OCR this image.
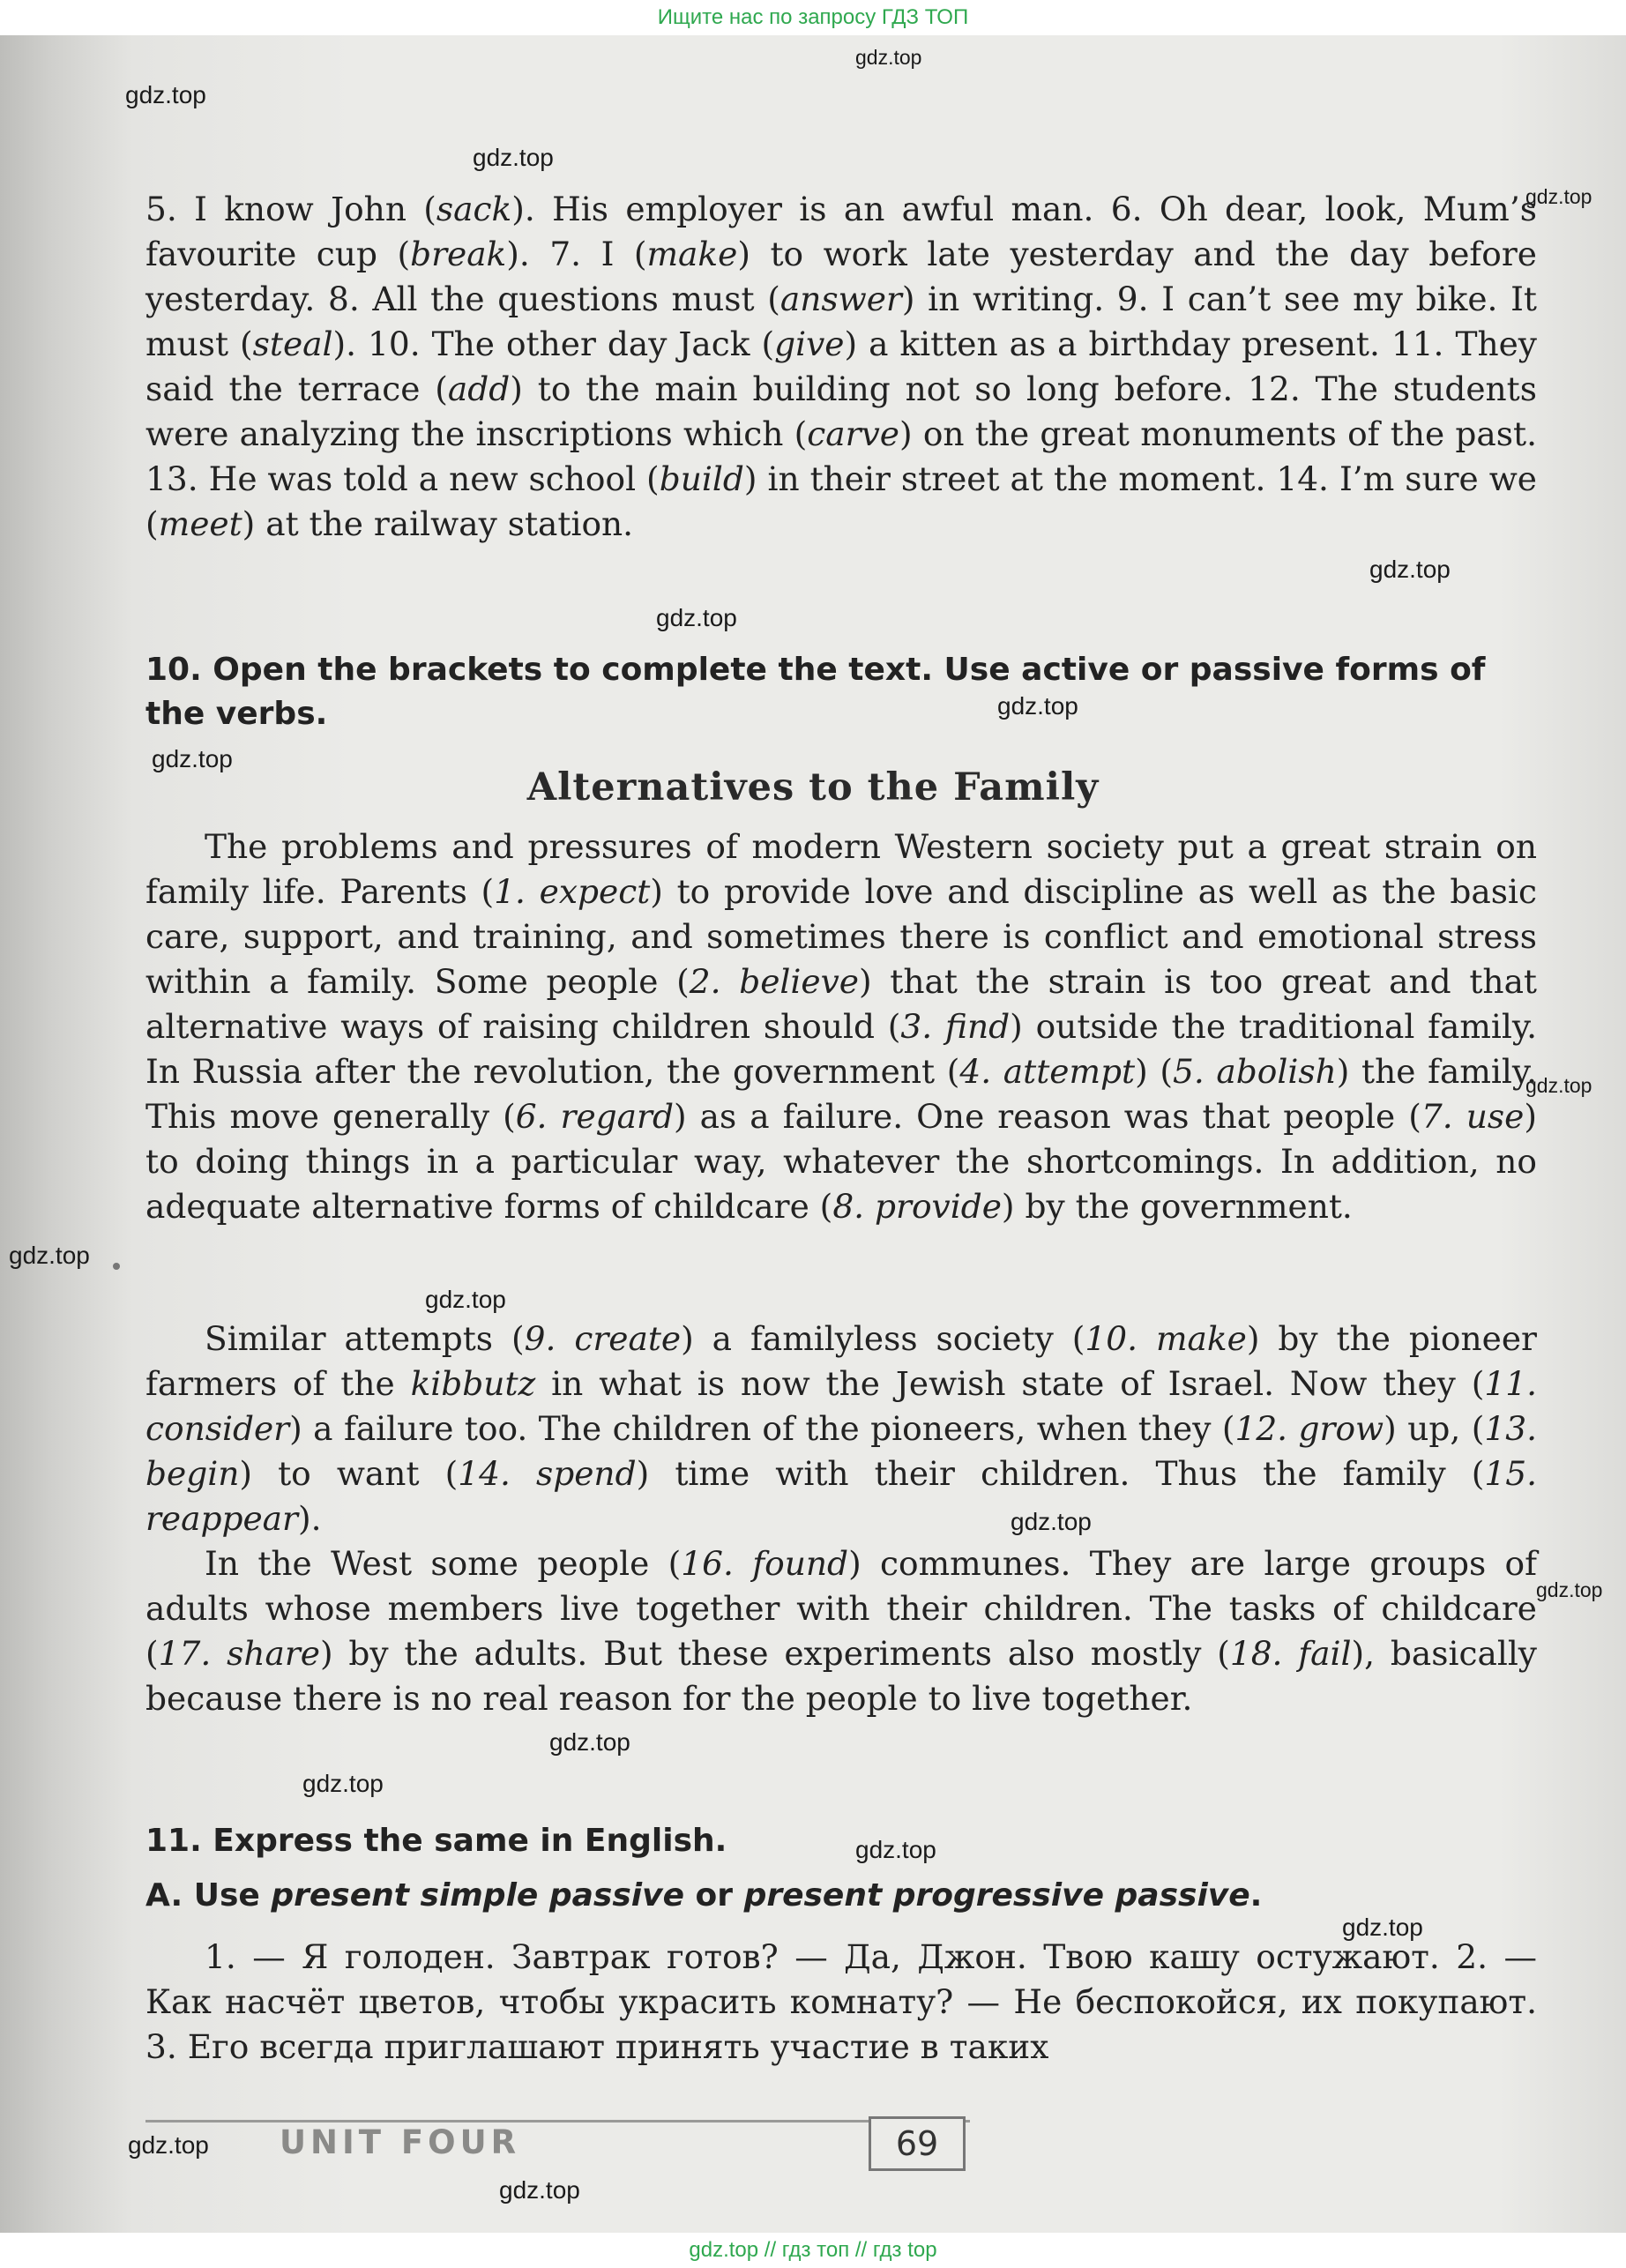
Ищите нас по запросу ГДЗ ТОП
gdz.top
gdz.top
gdz.top
gdz.top
gdz.top
gdz.top
gdz.top
gdz.top
gdz.top
gdz.top
gdz.top
gdz.top
gdz.top
gdz.top
gdz.top
gdz.top
gdz.top
gdz.top
gdz.top
5. I know John (sack). His employer is an awful man. 6. Oh dear, look, Mum’s favourite cup (break). 7. I (make) to work late yesterday and the day before yesterday. 8. All the questions must (answer) in writing. 9. I can’t see my bike. It must (steal). 10. The other day Jack (give) a kitten as a birthday present. 11. They said the terrace (add) to the main building not so long before. 12. The students were analyzing the inscriptions which (carve) on the great monuments of the past. 13. He was told a new school (build) in their street at the moment. 14. I’m sure we (meet) at the railway station.
10. Open the brackets to complete the text. Use active or passive forms of the verbs.
Alternatives to the Family
The problems and pressures of modern Western society put a great strain on family life. Parents (1. expect) to provide love and discipline as well as the basic care, support, and training, and sometimes there is conflict and emotional stress within a family. Some people (2. believe) that the strain is too great and that alternative ways of raising children should (3. find) outside the traditional family. In Russia after the revolution, the government (4. attempt) (5. abolish) the family. This move generally (6. regard) as a failure. One reason was that people (7. use) to doing things in a particular way, whatever the shortcomings. In addition, no adequate alternative forms of childcare (8. provide) by the government.
Similar attempts (9. create) a familyless society (10. make) by the pioneer farmers of the kibbutz in what is now the Jewish state of Israel. Now they (11. consider) a failure too. The children of the pioneers, when they (12. grow) up, (13. begin) to want (14. spend) time with their children. Thus the family (15. reappear).
In the West some people (16. found) communes. They are large groups of adults whose members live together with their children. The tasks of childcare (17. share) by the adults. But these experiments also mostly (18. fail), basically because there is no real reason for the people to live together.
11. Express the same in English.
A. Use present simple passive or present progressive passive.
1. — Я голоден. Завтрак готов? — Да, Джон. Твою кашу остужают. 2. — Как насчёт цветов, чтобы украсить комнату? — Не беспокойся, их покупают. 3. Его всегда приглашают принять участие в таких
UNIT FOUR	69
gdz.top // гдз топ // гдз top
